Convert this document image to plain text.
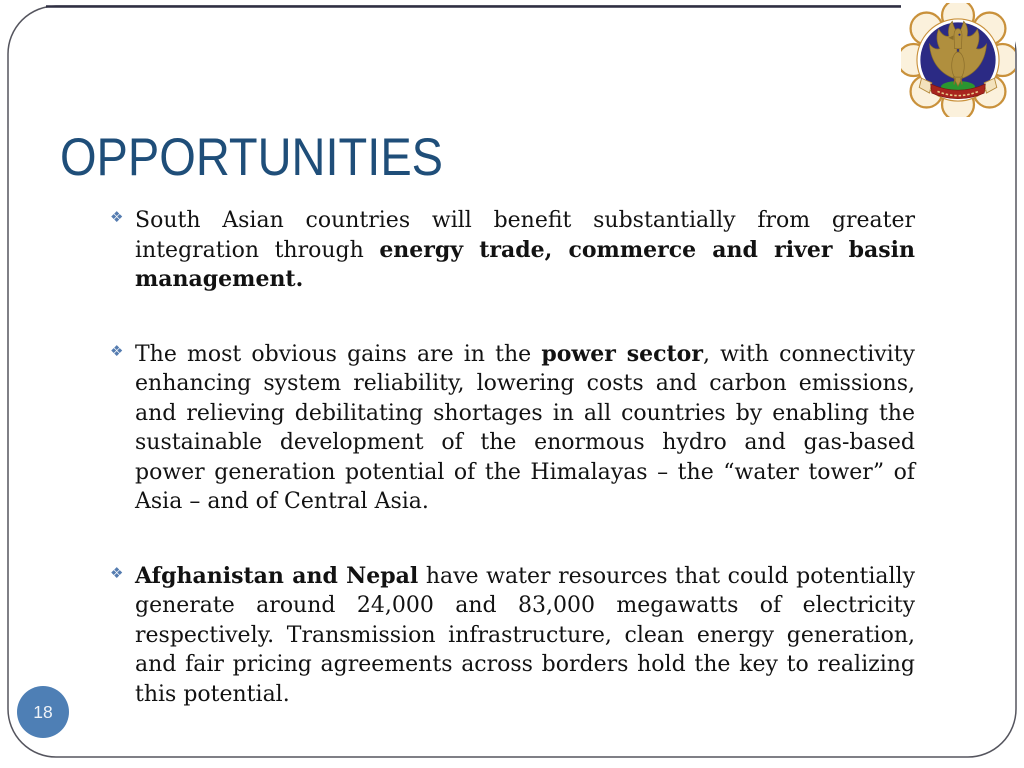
OPPORTUNITIES
❖ South Asian countries will benefit substantially from greater integration through energy trade, commerce and river basin management.
❖ The most obvious gains are in the power sector, with connectivity enhancing system reliability, lowering costs and carbon emissions, and relieving debilitating shortages in all countries by enabling the sustainable development of the enormous hydro and gas-based power generation potential of the Himalayas – the “water tower” of Asia – and of Central Asia.
❖ Afghanistan and Nepal have water resources that could potentially generate around 24,000 and 83,000 megawatts of electricity respectively. Transmission infrastructure, clean energy generation, and fair pricing agreements across borders hold the key to realizing this potential.
18
